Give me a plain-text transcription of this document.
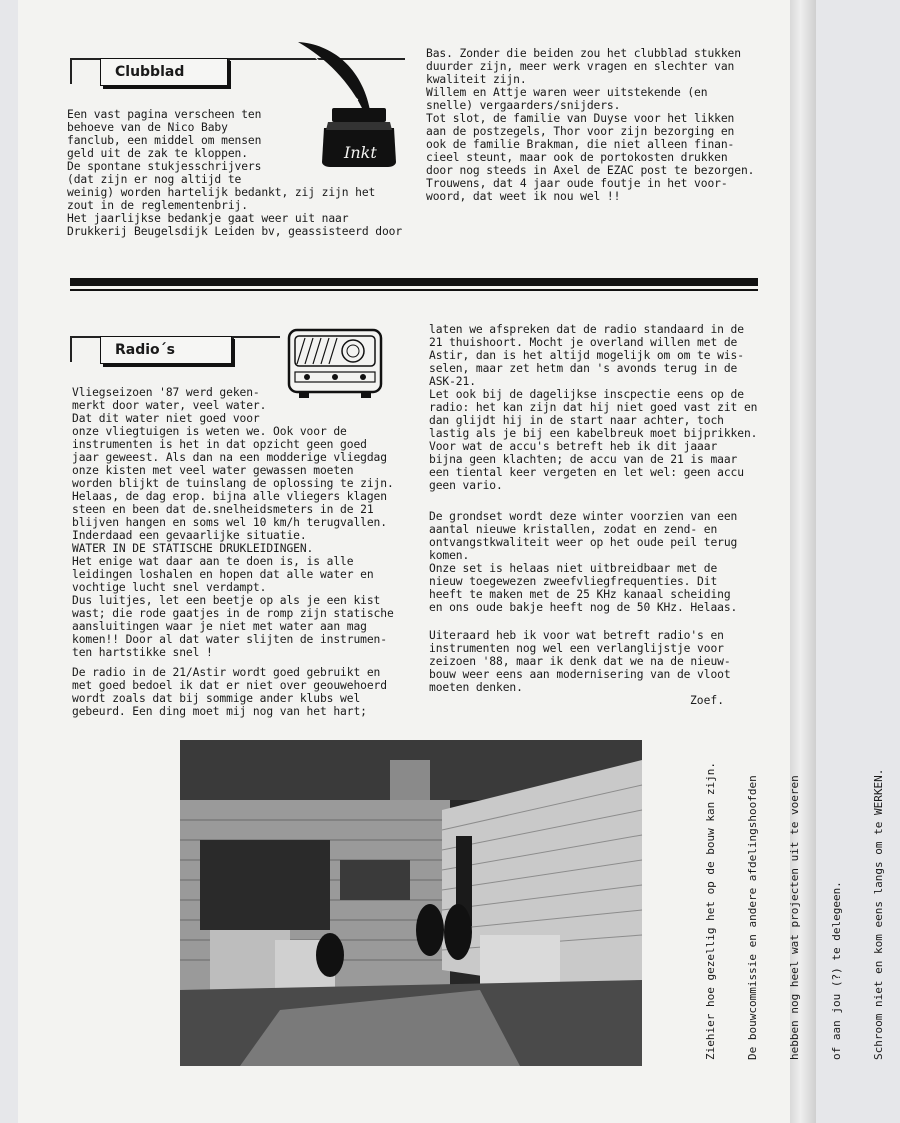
Clubblad
Inkt
Een vast pagina verscheen ten
behoeve van de Nico Baby
fanclub, een middel om mensen
geld uit de zak te kloppen.
De spontane stukjesschrijvers
(dat zijn er nog altijd te
weinig) worden hartelijk bedankt, zij zijn het
zout in de reglementenbrij.
Het jaarlijkse bedankje gaat weer uit naar
Drukkerij Beugelsdijk Leiden bv, geassisteerd door
Bas. Zonder die beiden zou het clubblad stukken
duurder zijn, meer werk vragen en slechter van
kwaliteit zijn.
Willem en Attje waren weer uitstekende (en
snelle) vergaarders/snijders.
Tot slot, de familie van Duyse voor het likken
aan de postzegels, Thor voor zijn bezorging en
ook de familie Brakman, die niet alleen finan-
cieel steunt, maar ook de portokosten drukken
door nog steeds in Axel de EZAC post te bezorgen.
Trouwens, dat 4 jaar oude foutje in het voor-
woord, dat weet ik nou wel !!
Radio´s
Vliegseizoen '87 werd geken-
merkt door water, veel water.
Dat dit water niet goed voor
onze vliegtuigen is weten we. Ook voor de
instrumenten is het in dat opzicht geen goed
jaar geweest. Als dan na een modderige vliegdag
onze kisten met veel water gewassen moeten
worden blijkt de tuinslang de oplossing te zijn.
Helaas, de dag erop. bijna alle vliegers klagen
steen en been dat de.snelheidsmeters in de 21
blijven hangen en soms wel 10 km/h terugvallen.
Inderdaad een gevaarlijke situatie.
WATER IN DE STATISCHE DRUKLEIDINGEN.
Het enige wat daar aan te doen is, is alle
leidingen loshalen en hopen dat alle water en
vochtige lucht snel verdampt.
Dus luitjes, let een beetje op als je een kist
wast; die rode gaatjes in de romp zijn statische
aansluitingen waar je niet met water aan mag
komen!! Door al dat water slijten de instrumen-
ten hartstikke snel !
De radio in de 21/Astir wordt goed gebruikt en
met goed bedoel ik dat er niet over geouwehoerd
wordt zoals dat bij sommige ander klubs wel
gebeurd. Een ding moet mij nog van het hart;
laten we afspreken dat de radio standaard in de
21 thuishoort. Mocht je overland willen met de
Astir, dan is het altijd mogelijk om om te wis-
selen, maar zet hetm dan 's avonds terug in de
ASK-21.
Let ook bij de dagelijkse inscpectie eens op de
radio: het kan zijn dat hij niet goed vast zit en
dan glijdt hij in de start naar achter, toch
lastig als je bij een kabelbreuk moet bijprikken.
Voor wat de accu's betreft heb ik dit jaaar
bijna geen klachten; de accu van de 21 is maar
een tiental keer vergeten en let wel: geen accu
geen vario.
De grondset wordt deze winter voorzien van een
aantal nieuwe kristallen, zodat en zend- en
ontvangstkwaliteit weer op het oude peil terug
komen.
Onze set is helaas niet uitbreidbaar met de
nieuw toegewezen zweefvliegfrequenties. Dit
heeft te maken met de 25 KHz kanaal scheiding
en ons oude bakje heeft nog de 50 KHz. Helaas.
Uiteraard heb ik voor wat betreft radio's en
instrumenten nog wel een verlanglijstje voor
zeizoen '88, maar ik denk dat we na de nieuw-
bouw weer eens aan modernisering van de vloot
moeten denken.
Zoef.

Ziehier hoe gezellig het op de bouw kan zijn.

	De bouwcommissie en andere afdelingshoofden

	hebben nog heel wat projecten uit te voeren

	of aan jou (?) te delegeen.

	Schroom niet en kom eens langs om te WERKEN.
